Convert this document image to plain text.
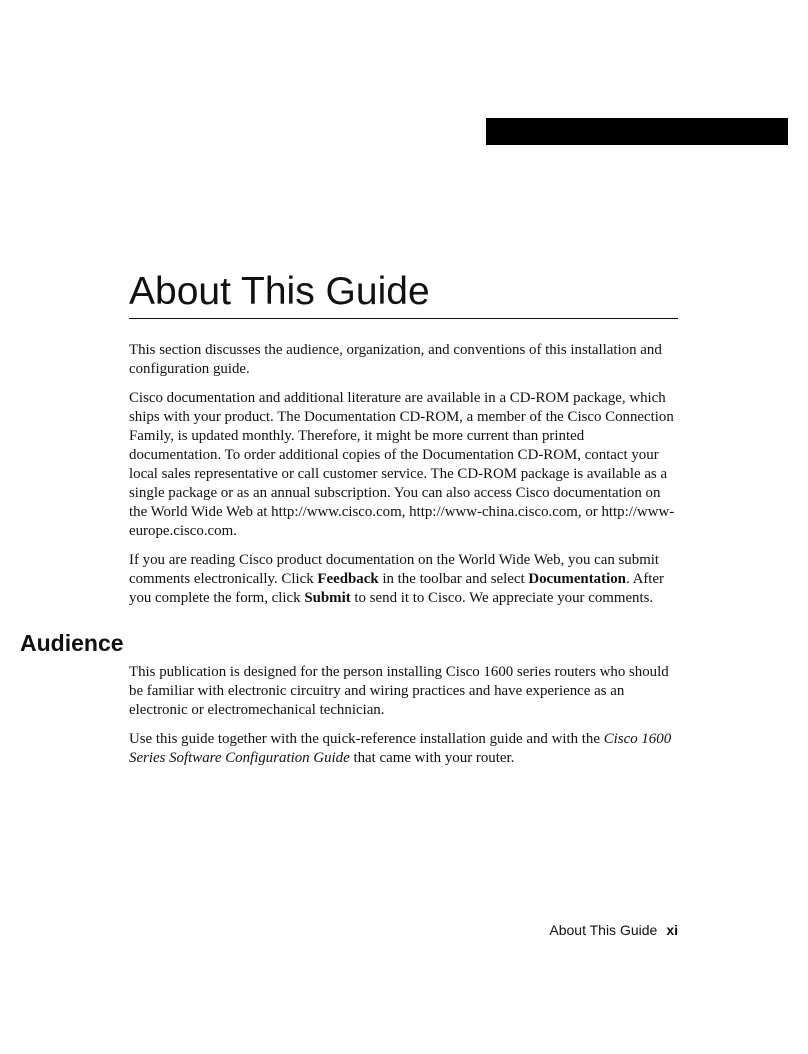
About This Guide

This section discusses the audience, organization, and conventions of this installation and configuration guide.

Cisco documentation and additional literature are available in a CD-ROM package, which ships with your product. The Documentation CD-ROM, a member of the Cisco Connection Family, is updated monthly. Therefore, it might be more current than printed documentation. To order additional copies of the Documentation CD-ROM, contact your local sales representative or call customer service. The CD-ROM package is available as a single package or as an annual subscription. You can also access Cisco documentation on the World Wide Web at http://www.cisco.com, http://www-china.cisco.com, or http://www-europe.cisco.com.

If you are reading Cisco product documentation on the World Wide Web, you can submit comments electronically. Click Feedback in the toolbar and select Documentation. After you complete the form, click Submit to send it to Cisco. We appreciate your comments.

Audience

This publication is designed for the person installing Cisco 1600 series routers who should be familiar with electronic circuitry and wiring practices and have experience as an electronic or electromechanical technician.

Use this guide together with the quick-reference installation guide and with the Cisco 1600 Series Software Configuration Guide that came with your router.

About This Guide xi
